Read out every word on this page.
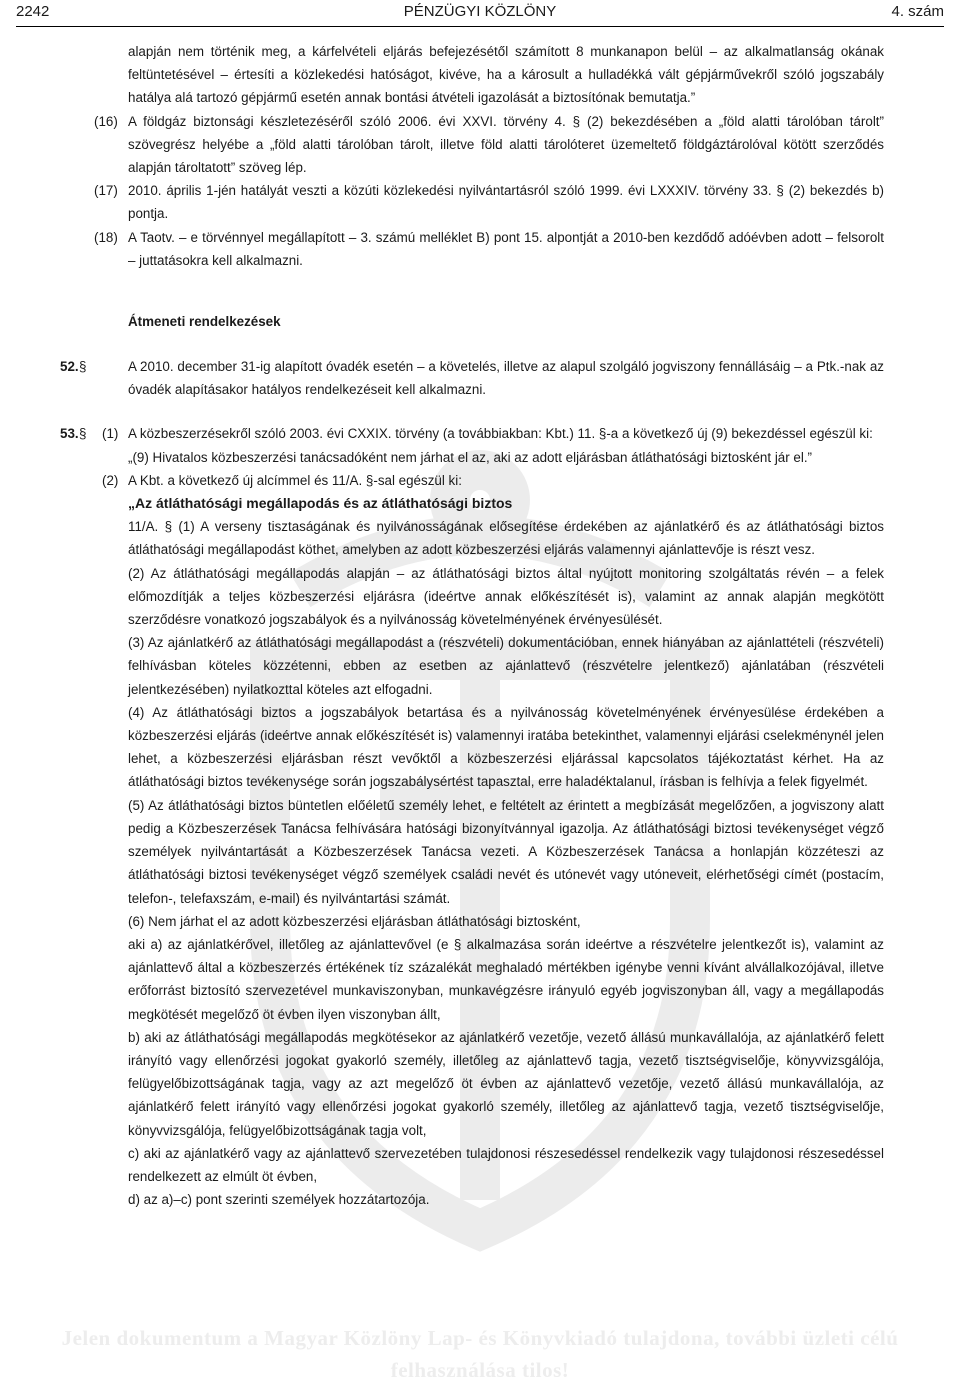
2242	PÉNZÜGYI KÖZLÖNY	4. szám
alapján nem történik meg, a kárfelvételi eljárás befejezésétől számított 8 munkanapon belül – az alkalmatlanság okának feltüntetésével – értesíti a közlekedési hatóságot, kivéve, ha a károsult a hulladékká vált gépjárművekről szóló jogszabály hatálya alá tartozó gépjármű esetén annak bontási átvételi igazolását a biztosítónak bemutatja.”
(16) A földgáz biztonsági készletezéséről szóló 2006. évi XXVI. törvény 4. § (2) bekezdésében a „föld alatti tárolóban tárolt” szövegrész helyébe a „föld alatti tárolóban tárolt, illetve föld alatti tárolóteret üzemeltető földgáztárolóval kötött szerződés alapján tároltatott” szöveg lép.
(17) 2010. április 1-jén hatályát veszti a közúti közlekedési nyilvántartásról szóló 1999. évi LXXXIV. törvény 33. § (2) bekezdés b) pontja.
(18) A Taotv. – e törvénnyel megállapított – 3. számú melléklet B) pont 15. alpontját a 2010-ben kezdődő adóévben adott – felsorolt – juttatásokra kell alkalmazni.
Átmeneti rendelkezések
52. §	A 2010. december 31-ig alapított óvadék esetén – a követelés, illetve az alapul szolgáló jogviszony fennállásáig – a Ptk.-nak az óvadék alapításakor hatályos rendelkezéseit kell alkalmazni.
53. § (1) A közbeszerzésekről szóló 2003. évi CXXIX. törvény (a továbbiakban: Kbt.) 11. §-a a következő új (9) bekezdéssel egészül ki:
„(9) Hivatalos közbeszerzési tanácsadóként nem járhat el az, aki az adott eljárásban átláthatósági biztosként jár el.”
(2) A Kbt. a következő új alcímmel és 11/A. §-sal egészül ki:
„Az átláthatósági megállapodás és az átláthatósági biztos
11/A. § (1) A verseny tisztaságának és nyilvánosságának elősegítése érdekében az ajánlatkérő és az átláthatósági biztos átláthatósági megállapodást köthet, amelyben az adott közbeszerzési eljárás valamennyi ajánlattevője is részt vesz.
(2) Az átláthatósági megállapodás alapján – az átláthatósági biztos által nyújtott monitoring szolgáltatás révén – a felek előmozdítják a teljes közbeszerzési eljárásra (ideértve annak előkészítését is), valamint az annak alapján megkötött szerződésre vonatkozó jogszabályok és a nyilvánosság követelményének érvényesülését.
(3) Az ajánlatkérő az átláthatósági megállapodást a (részvételi) dokumentációban, ennek hiányában az ajánlattételi (részvételi) felhívásban köteles közzétenni, ebben az esetben az ajánlattevő (részvételre jelentkező) ajánlatában (részvételi jelentkezésében) nyilatkozttal köteles azt elfogadni.
(4) Az átláthatósági biztos a jogszabályok betartása és a nyilvánosság követelményének érvényesülése érdekében a közbeszerzési eljárás (ideértve annak előkészítését is) valamennyi iratába betekinthet, valamennyi eljárási cselekménynél jelen lehet, a közbeszerzési eljárásban részt vevőktől a közbeszerzési eljárással kapcsolatos tájékoztatást kérhet. Ha az átláthatósági biztos tevékenysége során jogszabálysértést tapasztal, erre haladéktalanul, írásban is felhívja a felek figyelmét.
(5) Az átláthatósági biztos büntetlen előéletű személy lehet, e feltételt az érintett a megbízását megelőzően, a jogviszony alatt pedig a Közbeszerzések Tanácsa felhívására hatósági bizonyítvánnyal igazolja. Az átláthatósági biztosi tevékenységet végző személyek nyilvántartását a Közbeszerzések Tanácsa vezeti. A Közbeszerzések Tanácsa a honlapján közzéteszi az átláthatósági biztosi tevékenységet végző személyek családi nevét és utónevét vagy utóneveit, elérhetőségi címét (postacím, telefon-, telefaxszám, e-mail) és nyilvántartási számát.
(6) Nem járhat el az adott közbeszerzési eljárásban átláthatósági biztosként,
aki a) az ajánlatkérővel, illetőleg az ajánlattevővel (e § alkalmazása során ideértve a részvételre jelentkezőt is), valamint az ajánlattevő által a közbeszerzés értékének tíz százalékát meghaladó mértékben igénybe venni kívánt alvállalkozójával, illetve erőforrást biztosító szervezetével munkaviszonyban, munkavégzésre irányuló egyéb jogviszonyban áll, vagy a megállapodás megkötését megelőző öt évben ilyen viszonyban állt,
b) aki az átláthatósági megállapodás megkötésekor az ajánlatkérő vezetője, vezető állású munkavállalója, az ajánlatkérő felett irányító vagy ellenőrzési jogokat gyakorló személy, illetőleg az ajánlattevő tagja, vezető tisztségviselője, könyvvizsgálója, felügyelőbizottságának tagja, vagy az azt megelőző öt évben az ajánlattevő vezetője, vezető állású munkavállalója, az ajánlatkérő felett irányító vagy ellenőrzési jogokat gyakorló személy, illetőleg az ajánlattevő tagja, vezető tisztségviselője, könyvvizsgálója, felügyelőbizottságának tagja volt,
c) aki az ajánlatkérő vagy az ajánlattevő szervezetében tulajdonosi részesedéssel rendelkezik vagy tulajdonosi részesedéssel rendelkezett az elmúlt öt évben,
d) az a)–c) pont szerinti személyek hozzátartozója.
Jelen dokumentum a Magyar Közlöny Lap- és Könyvkiadó tulajdona, további üzleti célú felhasználása tilos!
